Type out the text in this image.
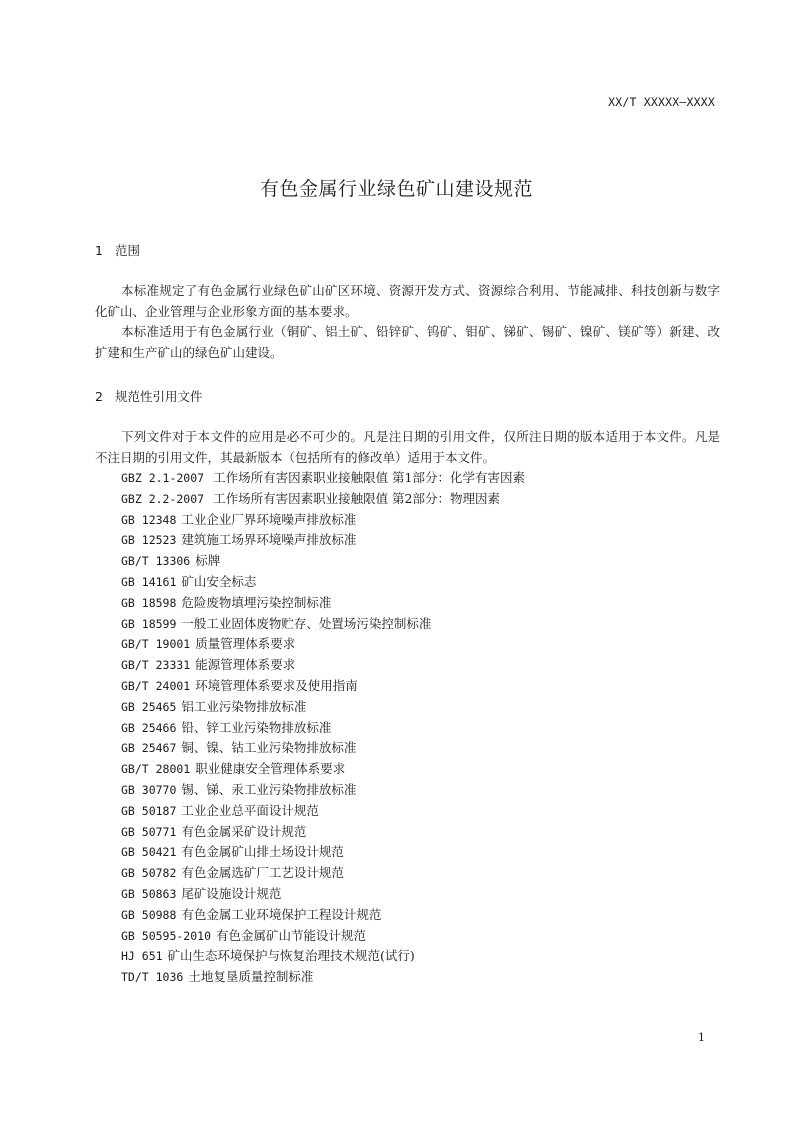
XX/T XXXXX—XXXX
有色金属行业绿色矿山建设规范
1 范围

本标准规定了有色金属行业绿色矿山矿区环境、资源开发方式、资源综合利用、节能减排、科技创新与数字化矿山、企业管理与企业形象方面的基本要求。

本标准适用于有色金属行业（铜矿、铝土矿、铅锌矿、钨矿、钼矿、锑矿、锡矿、镍矿、镁矿等）新建、改扩建和生产矿山的绿色矿山建设。

2 规范性引用文件

下列文件对于本文件的应用是必不可少的。凡是注日期的引用文件，仅所注日期的版本适用于本文件。凡是不注日期的引用文件，其最新版本（包括所有的修改单）适用于本文件。

GBZ 2.1-2007 工作场所有害因素职业接触限值 第1部分：化学有害因素
GBZ 2.2-2007 工作场所有害因素职业接触限值 第2部分：物理因素
GB 12348 工业企业厂界环境噪声排放标准
GB 12523 建筑施工场界环境噪声排放标准
GB/T 13306 标牌
GB 14161 矿山安全标志
GB 18598 危险废物填埋污染控制标准
GB 18599 一般工业固体废物贮存、处置场污染控制标准
GB/T 19001 质量管理体系要求
GB/T 23331 能源管理体系要求
GB/T 24001 环境管理体系要求及使用指南
GB 25465 铝工业污染物排放标准
GB 25466 铅、锌工业污染物排放标准
GB 25467 铜、镍、钴工业污染物排放标准
GB/T 28001 职业健康安全管理体系要求
GB 30770 锡、锑、汞工业污染物排放标准
GB 50187 工业企业总平面设计规范
GB 50771 有色金属采矿设计规范
GB 50421 有色金属矿山排土场设计规范
GB 50782 有色金属选矿厂工艺设计规范
GB 50863 尾矿设施设计规范
GB 50988 有色金属工业环境保护工程设计规范
GB 50595-2010 有色金属矿山节能设计规范
HJ 651 矿山生态环境保护与恢复治理技术规范(试行)
TD/T 1036 土地复垦质量控制标准
1
